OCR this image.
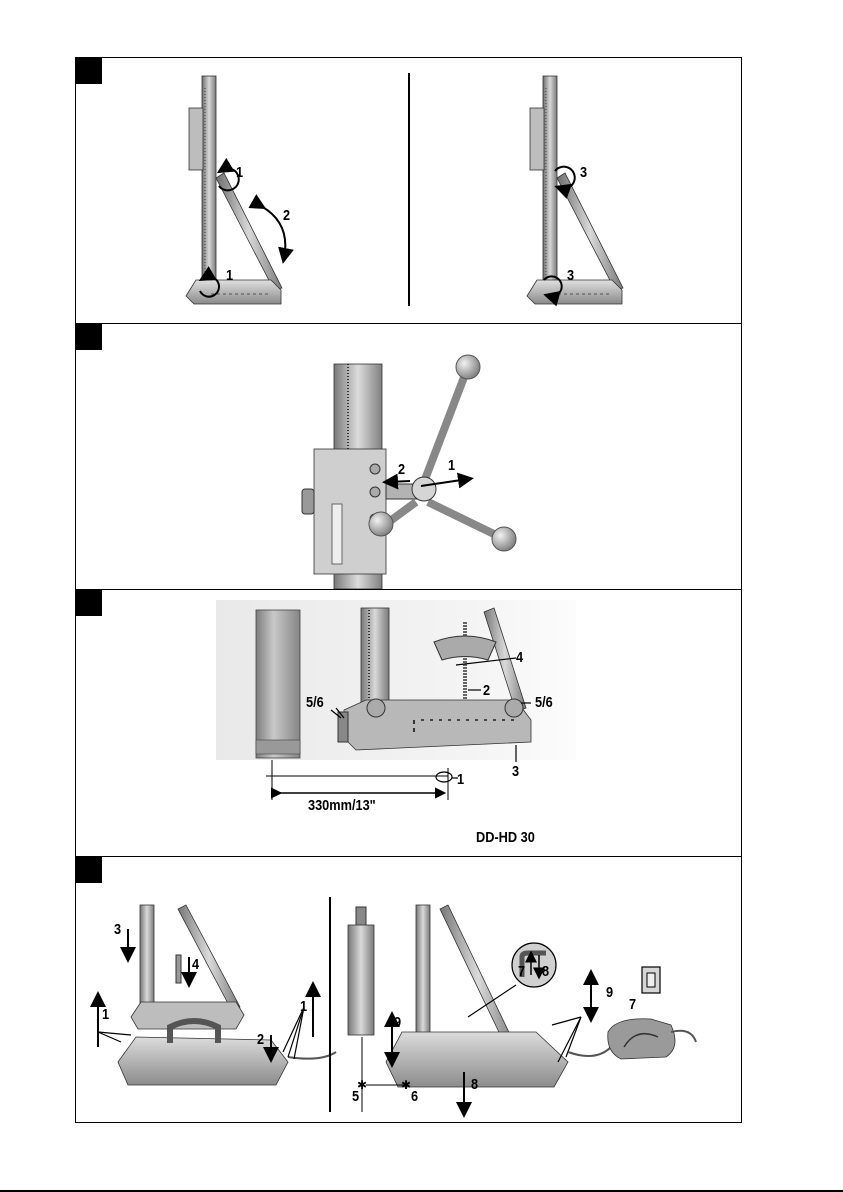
1
2
1
3
3
2	1
4
2
5/6	5/6
3
1
330mm/13"
DD-HD 30
✱	✱
3
4
1	1
2
7 8
9
9
7
5	6
8
